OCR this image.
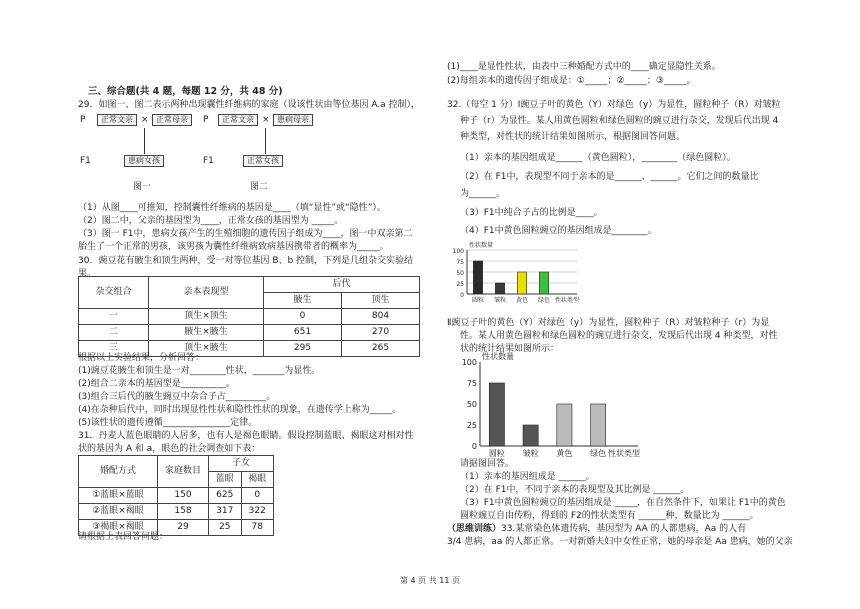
三、综合题(共 4 题，每题 12 分，共 48 分)
29．如图一、图二表示两种出现囊性纤维病的家庭（设该性状由等位基因 A.a 控制），
P	正常文亲 × 正常母亲
F1	患病女孩
图一
P	正常文亲 × 患病母亲
F1	正常女孩
图二
（1）从图____可推知，控制囊性纤维病的基因是____（填“显性”或“隐性”）。
（2）图二中，父亲的基因型为____，正常女孩的基因型为 _____。
（3）图一 F1中，患病女孩产生的生殖细胞的遗传因子组成为____，图一中双亲第二
胎生了一个正常的男孩，该男孩为囊性纤维病致病基因携带者的概率为_____。
30．豌豆花有腋生和顶生两种，受一对等位基因 B、b 控制，下列是几组杂交实验结
果。
杂交组合	亲本表现型	后代	
		腋生	顶生
一	顶生×顶生	0	804
二	腋生×腋生	651	270
三	顶生×腋生	295	265
根据以上实验结果，分析回答：
(1)豌豆花腋生和顶生是一对________性状，_______为显性。
(2)组合二亲本的基因型是__________。
(3)组合三后代的腋生豌豆中杂合子占_________。
(4)在杂种后代中，同时出现显性性状和隐性性状的现象，在遗传学上称为_____。
(5)该性状的遗传遵循_______________定律。
31．丹麦人蓝色眼睛的人居多，也有人是褐色眼睛。假设控制蓝眼、褐眼这对相对性
状的基因为 A 和 a，眼色的社会调查如下表：
婚配方式	家庭数目	子女	
		蓝眼	褐眼
①蓝眼×蓝眼	150	625	0
②蓝眼×褐眼	158	317	322
③褐眼×褐眼	29	25	78
请根据上表回答问题：
(1)____是显性性状，由表中三种婚配方式中的____确定显隐性关系。
(2)每组亲本的遗传因子组成是：①_____；②_____；③_____。
32.（每空 1 分）Ⅰ豌豆子叶的黄色（Y）对绿色（y）为显性，圆粒种子（R）对皱粒
种子（r）为显性。某人用黄色圆粒和绿色圆粒的豌豆进行杂交，发现后代出现 4
种类型，对性状的统计结果如图所示，根据图回答问题。
（1）亲本的基因组成是______（黄色圆粒），________（绿色圆粒）。
（2）在 F1中，表现型不同于亲本的是______、______。它们之间的数量比
为______。
（3）F1中纯合子占的比例是____。
（4）F1中黄色圆粒豌豆的基因组成是________。
性状数量
0
25
50
75
100
圆粒 皱粒 黄色 绿色 性状类型
Ⅱ豌豆子叶的黄色（Y）对绿色（y）为显性，圆粒种子（R）对皱粒种子（r）为显
性。某人用黄色圆粒和绿色圆粒的豌豆进行杂交，发现后代出现 4 种类型，对性
状的统计结果如图所示：
性状数量
0
25
50
75
100
圆粒 皱粒 黄色 绿色 性状类型
请据图回答。
（1）亲本的基因组成是 ______。
（2）在 F1中，不同于亲本的表现型及其比例是 ______。
（3）F1中黄色圆粒豌豆的基因组成是 _____，在自然条件下，如果让 F1中的黄色
圆粒豌豆自由传粉，得到的 F2的性状类型有 ______种，数量比为 ______。
（思维训练）33.某常染色体遗传病，基因型为 AA 的人都患病，Aa 的人有
3/4 患病，aa 的人都正常。一对新婚夫妇中女性正常，她的母亲是 Aa 患病，她的父亲
第 4 页 共 11 页
